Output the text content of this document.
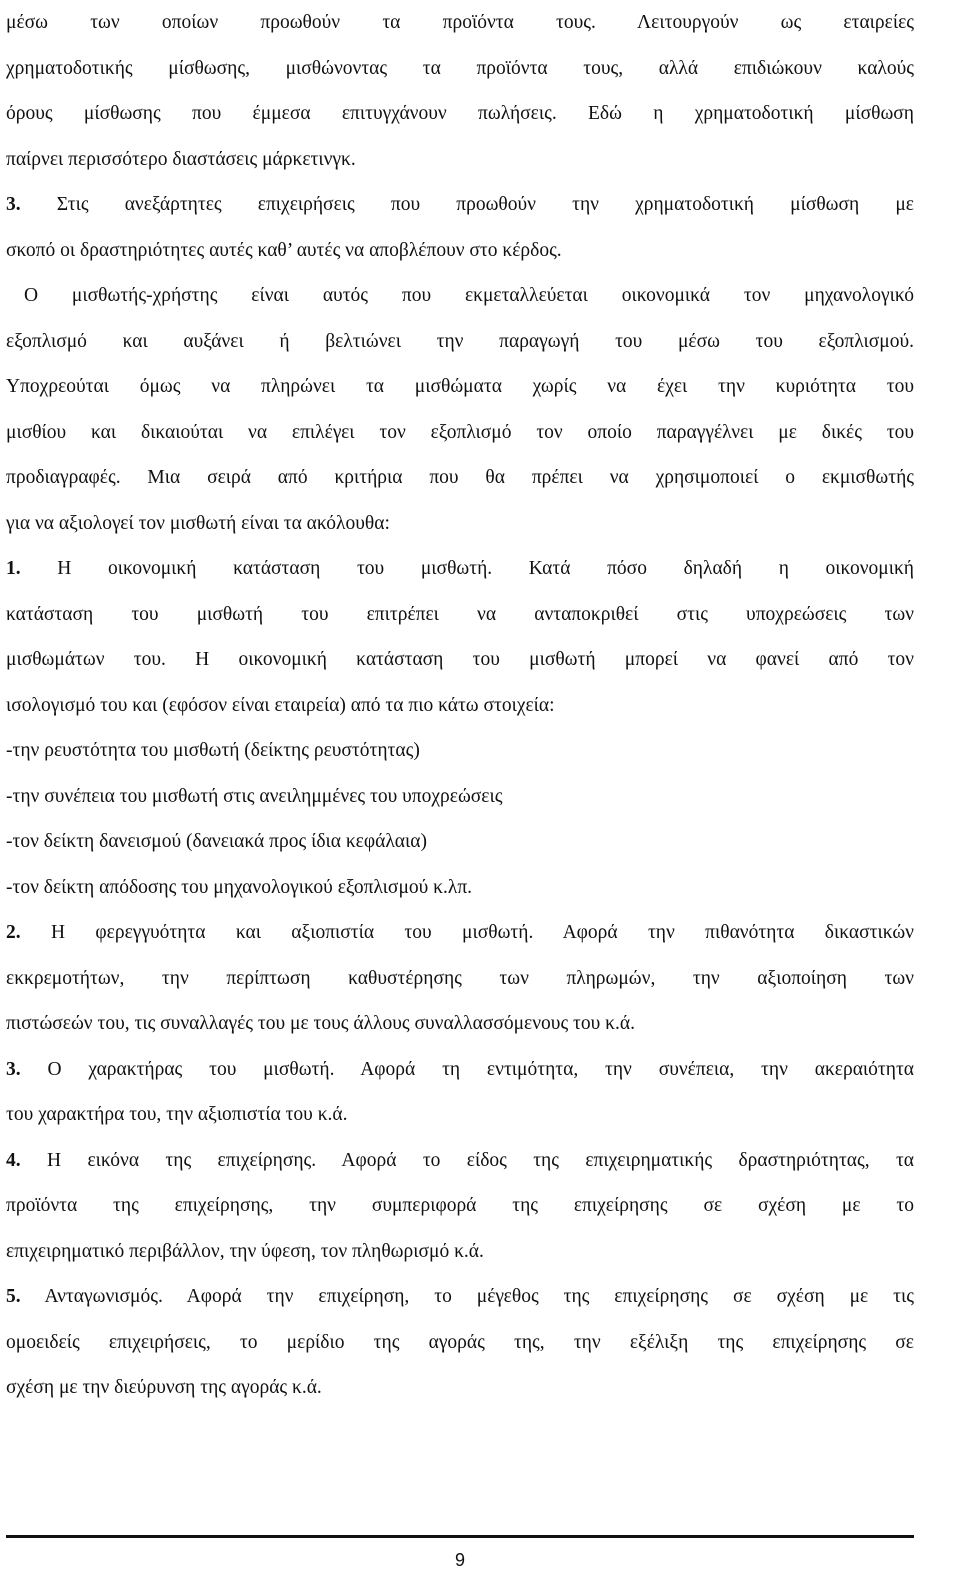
μέσω των οποίων προωθούν τα προϊόντα τους. Λειτουργούν ως εταιρείες
χρηματοδοτικής μίσθωσης, μισθώνοντας τα προϊόντα τους, αλλά επιδιώκουν καλούς
όρους μίσθωσης που έμμεσα επιτυγχάνουν πωλήσεις. Εδώ η χρηματοδοτική μίσθωση
παίρνει περισσότερο διαστάσεις μάρκετινγκ.
3. Στις ανεξάρτητες επιχειρήσεις που προωθούν την χρηματοδοτική μίσθωση με
σκοπό οι δραστηριότητες αυτές καθ’ αυτές να αποβλέπουν στο κέρδος.
Ο μισθωτής-χρήστης είναι αυτός που εκμεταλλεύεται οικονομικά τον μηχανολογικό
εξοπλισμό και αυξάνει ή βελτιώνει την παραγωγή του μέσω του εξοπλισμού.
Υποχρεούται όμως να πληρώνει τα μισθώματα χωρίς να έχει την κυριότητα του
μισθίου και δικαιούται να επιλέγει τον εξοπλισμό τον οποίο παραγγέλνει με δικές του
προδιαγραφές. Μια σειρά από κριτήρια που θα πρέπει να χρησιμοποιεί ο εκμισθωτής
για να αξιολογεί τον μισθωτή είναι τα ακόλουθα:
1. Η οικονομική κατάσταση του μισθωτή. Κατά πόσο δηλαδή η οικονομική
κατάσταση του μισθωτή του επιτρέπει να ανταποκριθεί στις υποχρεώσεις των
μισθωμάτων του. Η οικονομική κατάσταση του μισθωτή μπορεί να φανεί από τον
ισολογισμό του και (εφόσον είναι εταιρεία) από τα πιο κάτω στοιχεία:
-την ρευστότητα του μισθωτή (δείκτης ρευστότητας)
-την συνέπεια του μισθωτή στις ανειλημμένες του υποχρεώσεις
-τον δείκτη δανεισμού (δανειακά προς ίδια κεφάλαια)
-τον δείκτη απόδοσης του μηχανολογικού εξοπλισμού κ.λπ.
2. Η φερεγγυότητα και αξιοπιστία του μισθωτή. Αφορά την πιθανότητα δικαστικών
εκκρεμοτήτων, την περίπτωση καθυστέρησης των πληρωμών, την αξιοποίηση των
πιστώσεών του, τις συναλλαγές του με τους άλλους συναλλασσόμενους του κ.ά.
3. Ο χαρακτήρας του μισθωτή. Αφορά τη εντιμότητα, την συνέπεια, την ακεραιότητα
του χαρακτήρα του, την αξιοπιστία του κ.ά.
4. Η εικόνα της επιχείρησης. Αφορά το είδος της επιχειρηματικής δραστηριότητας, τα
προϊόντα της επιχείρησης, την συμπεριφορά της επιχείρησης σε σχέση με το
επιχειρηματικό περιβάλλον, την ύφεση, τον πληθωρισμό κ.ά.
5. Ανταγωνισμός. Αφορά την επιχείρηση, το μέγεθος της επιχείρησης σε σχέση με τις
ομοειδείς επιχειρήσεις, το μερίδιο της αγοράς της, την εξέλιξη της επιχείρησης σε
σχέση με την διεύρυνση της αγοράς κ.ά.
9
